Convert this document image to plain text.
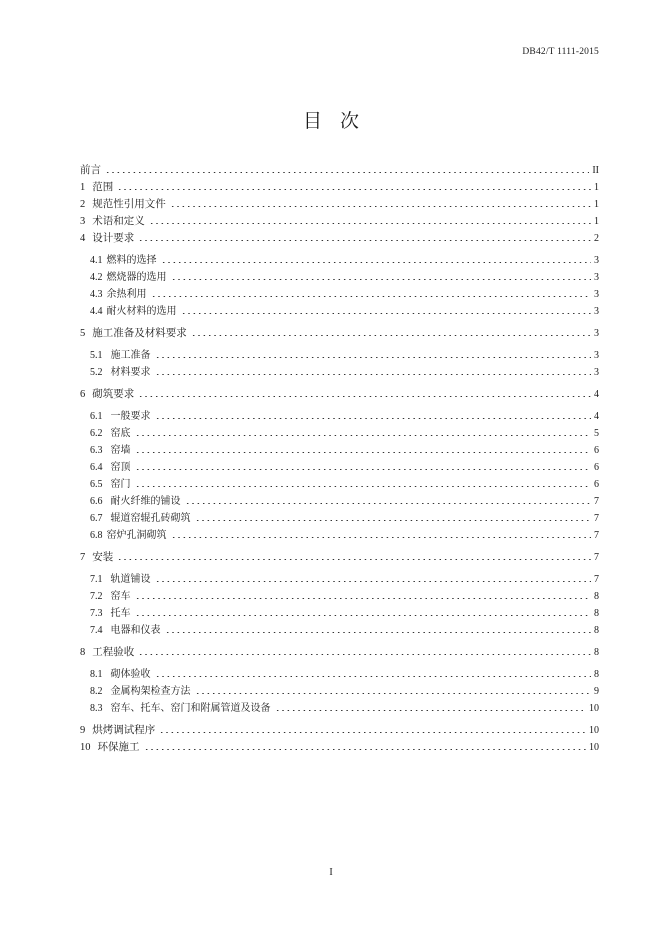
DB42/T 1111-2015
目次
前言	II
1 范围	1
2 规范性引用文件	1
3 术语和定义	1
4 设计要求	2
4.1 燃料的选择	3
4.2 燃烧器的选用	3
4.3 余热利用	3
4.4 耐火材料的选用	3
5 施工准备及材料要求	3
5.1 施工准备	3
5.2 材料要求	3
6 砌筑要求	4
6.1 一般要求	4
6.2 窑底	5
6.3 窑墙	6
6.4 窑顶	6
6.5 窑门	6
6.6 耐火纤维的铺设	7
6.7 辊道窑辊孔砖砌筑	7
6.8 窑炉孔洞砌筑	7
7 安装	7
7.1 轨道铺设	7
7.2 窑车	8
7.3 托车	8
7.4 电器和仪表	8
8 工程验收	8
8.1 砌体验收	8
8.2 金属构架检查方法	9
8.3 窑车、托车、窑门和附属管道及设备	10
9 烘烤调试程序	10
10 环保施工	10
I
